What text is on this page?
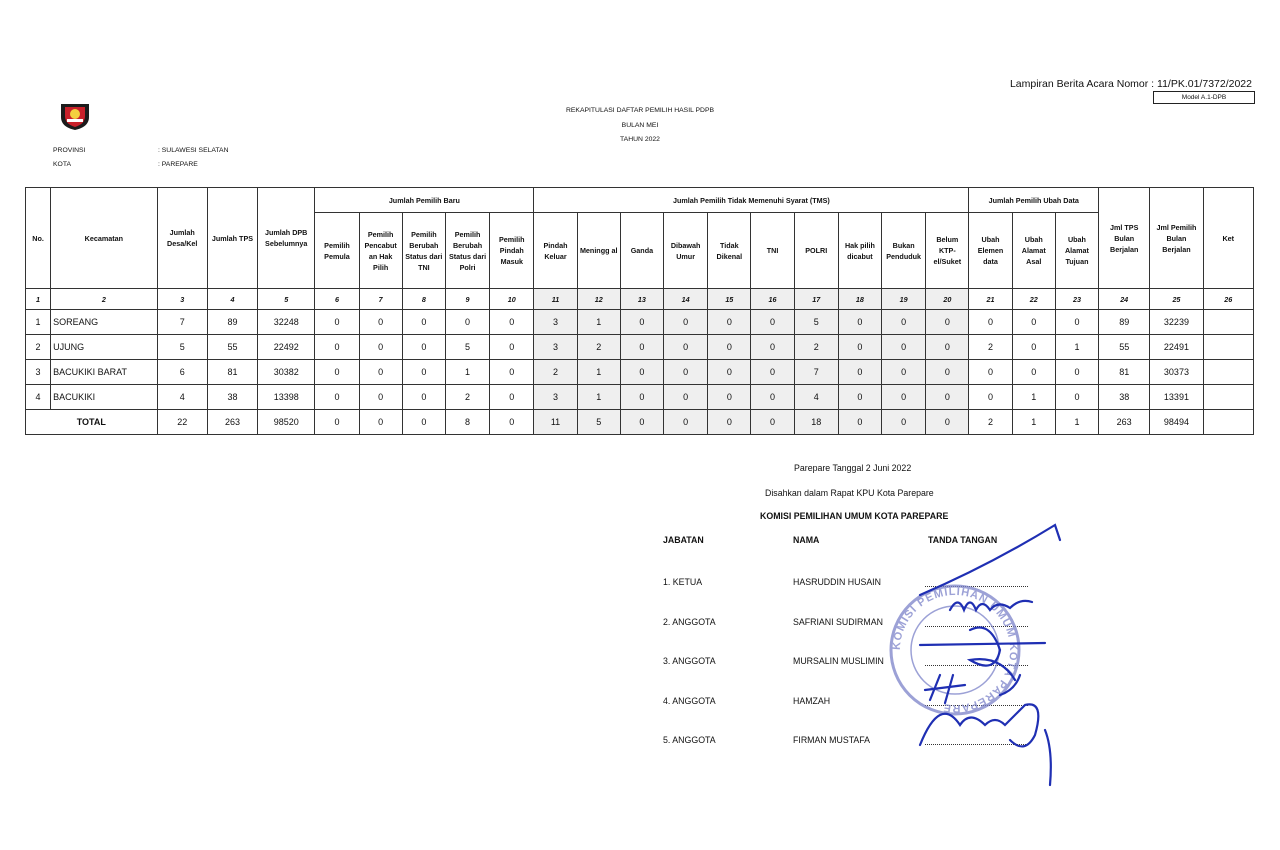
Lampiran Berita Acara Nomor : 11/PK.01/7372/2022
Model A.1-DPB
REKAPITULASI DAFTAR PEMILIH HASIL PDPB
BULAN MEI
TAHUN 2022
PROVINSI	: SULAWESI SELATAN
KOTA	: PAREPARE
No.	Kecamatan	Jumlah Desa/Kel	Jumlah TPS	Jumlah DPB Sebelumnya	Jumlah Pemilih Baru					Jumlah Pemilih Tidak Memenuhi Syarat (TMS)										Jumlah Pemilih Ubah Data			Jml TPS Bulan Berjalan	Jml Pemilih Bulan Berjalan	Ket
					Pemilih Pemula	Pemilih Pencabut an Hak Pilih	Pemilih Berubah Status dari TNI	Pemilih Berubah Status dari Polri	Pemilih Pindah Masuk	Pindah Keluar	Meningg al	Ganda	Dibawah Umur	Tidak Dikenal	TNI	POLRI	Hak pilih dicabut	Bukan Penduduk	Belum KTP-el/Suket	Ubah Elemen data	Ubah Alamat Asal	Ubah Alamat Tujuan			
1	2	3	4	5	6	7	8	9	10	11	12	13	14	15	16	17	18	19	20	21	22	23	24	25	26
1	SOREANG	7	89	32248	0	0	0	0	0	3	1	0	0	0	0	5	0	0	0	0	0	0	89	32239	
2	UJUNG	5	55	22492	0	0	0	5	0	3	2	0	0	0	0	2	0	0	0	2	0	1	55	22491	
3	BACUKIKI BARAT	6	81	30382	0	0	0	1	0	2	1	0	0	0	0	7	0	0	0	0	0	0	81	30373	
4	BACUKIKI	4	38	13398	0	0	0	2	0	3	1	0	0	0	0	4	0	0	0	0	1	0	38	13391	
TOTAL		22	263	98520	0	0	0	8	0	11	5	0	0	0	0	18	0	0	0	2	1	1	263	98494	
Parepare Tanggal 2 Juni 2022
Disahkan dalam Rapat KPU Kota Parepare
KOMISI PEMILIHAN UMUM KOTA PAREPARE
JABATAN	NAMA	TANDA TANGAN
1. KETUA	HASRUDDIN HUSAIN
2. ANGGOTA	SAFRIANI SUDIRMAN
3. ANGGOTA	MURSALIN MUSLIMIN
4. ANGGOTA	HAMZAH
5. ANGGOTA	FIRMAN MUSTAFA
KOMISI PEMILIHAN UMUM KOTA PAREPARE
